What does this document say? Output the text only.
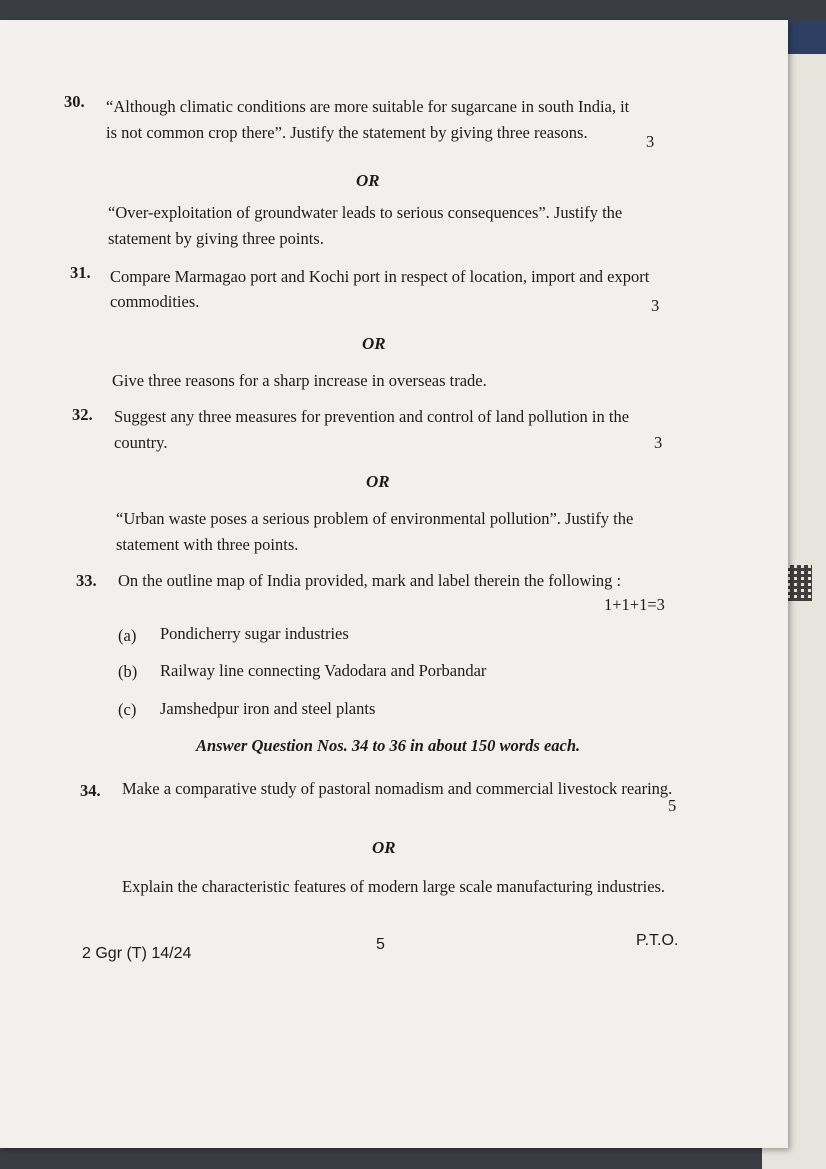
30. “Although climatic conditions are more suitable for sugarcane in south India, it
is not common crop there”. Justify the statement by giving three reasons.	3
OR
“Over-exploitation of groundwater leads to serious consequences”. Justify the
statement by giving three points.
31. Compare Marmagao port and Kochi port in respect of location, import and export
commodities.	3
OR
Give three reasons for a sharp increase in overseas trade.
32. Suggest any three measures for prevention and control of land pollution in the
country.	3
OR
“Urban waste poses a serious problem of environmental pollution”. Justify the
statement with three points.
33. On the outline map of India provided, mark and label therein the following :
1+1+1=3
(a) Pondicherry sugar industries
(b) Railway line connecting Vadodara and Porbandar
(c) Jamshedpur iron and steel plants
Answer Question Nos. 34 to 36 in about 150 words each.
34. Make a comparative study of pastoral nomadism and commercial livestock rearing.
5
OR
Explain the characteristic features of modern large scale manufacturing industries.
2 Ggr (T) 14/24
5	P.T.O.
